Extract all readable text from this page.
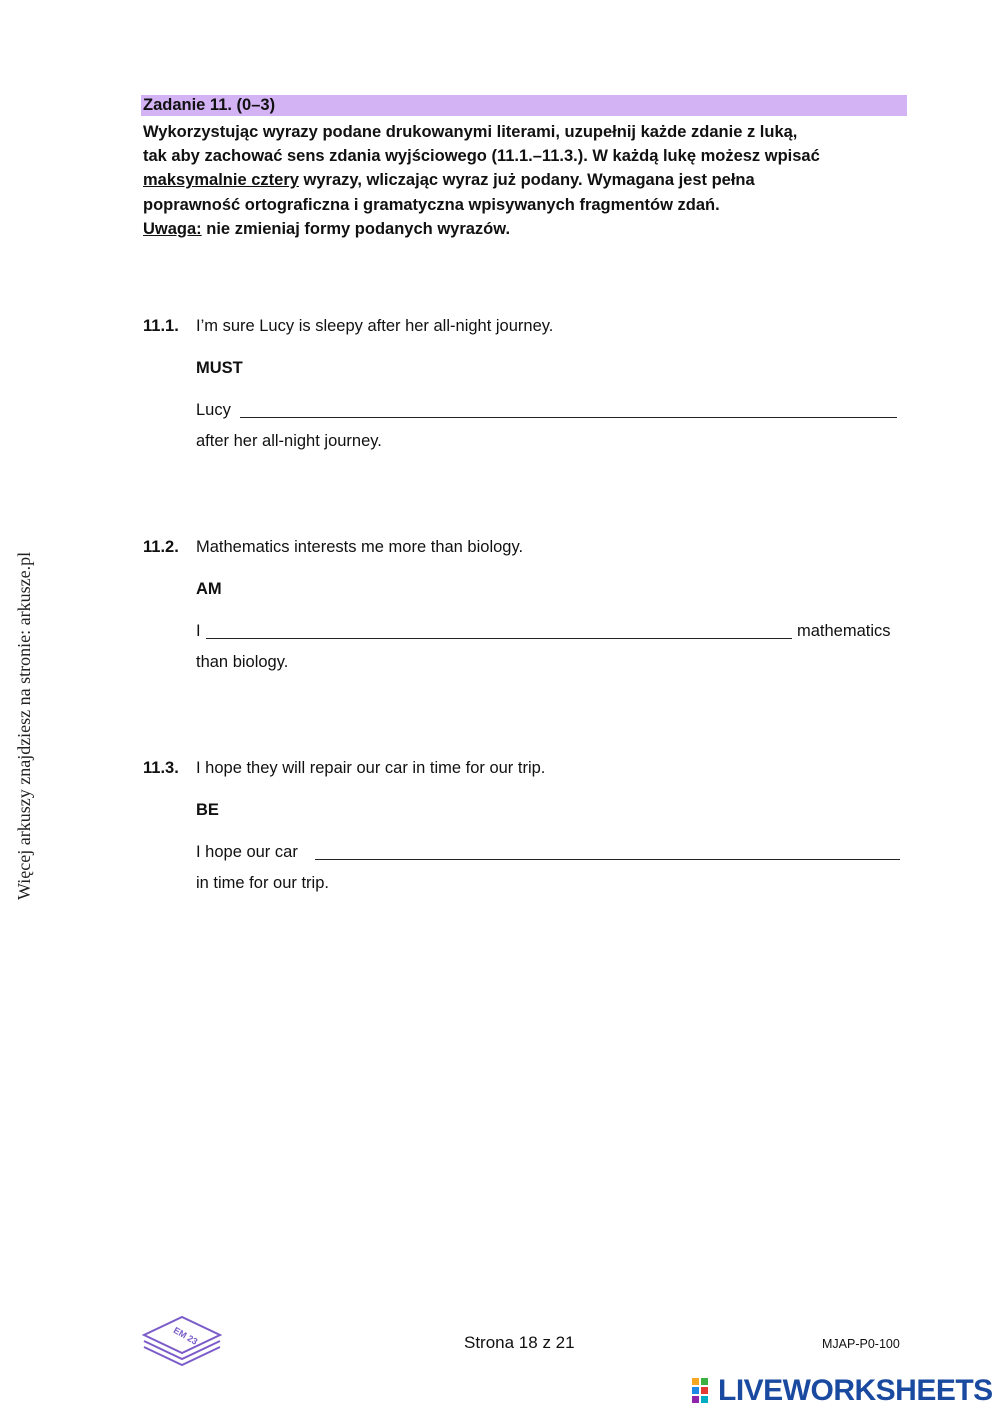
Zadanie 11. (0–3)
Wykorzystując wyrazy podane drukowanymi literami, uzupełnij każde zdanie z luką,
tak aby zachować sens zdania wyjściowego (11.1.–11.3.). W każdą lukę możesz wpisać
maksymalnie cztery wyrazy, wliczając wyraz już podany. Wymagana jest pełna
poprawność ortograficzna i gramatyczna wpisywanych fragmentów zdań.
Uwaga: nie zmieniaj formy podanych wyrazów.
11.1. I’m sure Lucy is sleepy after her all-night journey.
MUST
Lucy
after her all-night journey.
11.2. Mathematics interests me more than biology.
AM
I	mathematics
than biology.
11.3. I hope they will repair our car in time for our trip.
BE
I hope our car
in time for our trip.
Więcej arkuszy znajdziesz na stronie: arkusze.pl
EM 23	Strona 18 z 21	MJAP-P0-100
LIVEWORKSHEETS
